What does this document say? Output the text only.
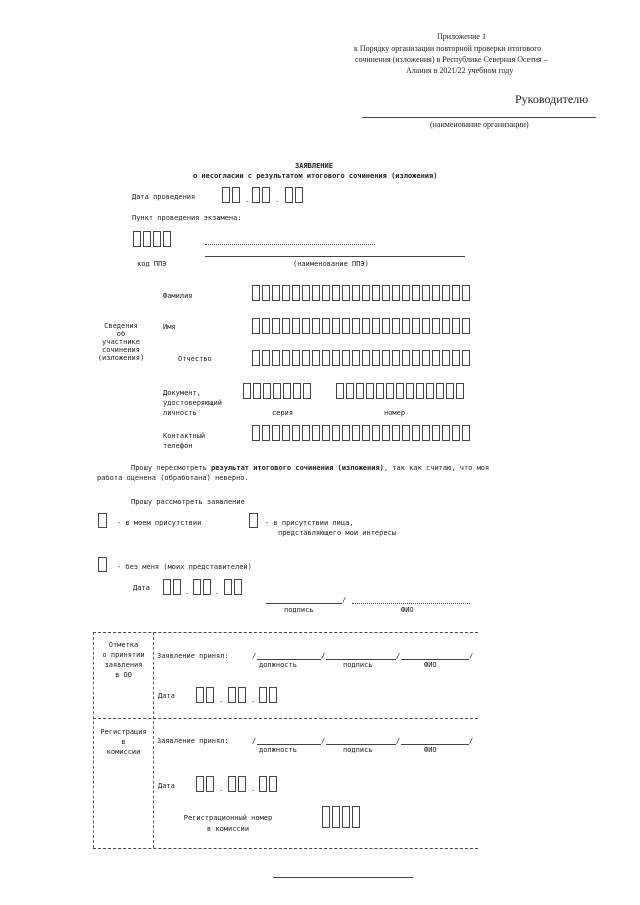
Приложение 1
к Порядку организации повторной проверки итогового
сочинения (изложения) в Республике Северная Осетия –
Алания в 2021/22 учебном году
Руководителю
(наименование организации)
ЗАЯВЛЕНИЕ
о несогласии с результатом итогового сочинения (изложения)
Дата проведения	.	.
Пункт проведения экзамена:
код ППЭ	(наименование ППЭ)
Сведения
об
участнике
сочинения
(изложения)
Фамилия
Имя
Отчество
Документ,
удостоверяющий
личность	серия	номер
Контактный
телефон
Прошу пересмотреть результат итогового сочинения (изложения), так как считаю, что моя
работа оценена (обработана) неверно.
Прошу рассмотреть заявление
- в моем присутствии	- в присутствии лица,
представляющего мои интересы
- без меня (моих представителей)
Дата	.	.
/
подпись	ФИО
Отметка
о принятии
заявления
в ОО
Заявление принял:	/	/	/	/
должность	подпись	ФИО
Дата	.	.
Регистрация
в
комиссии
Заявление принял:	/	/	/	/
должность	подпись	ФИО
Дата	.	.
Регистрационный номер
в комиссии
